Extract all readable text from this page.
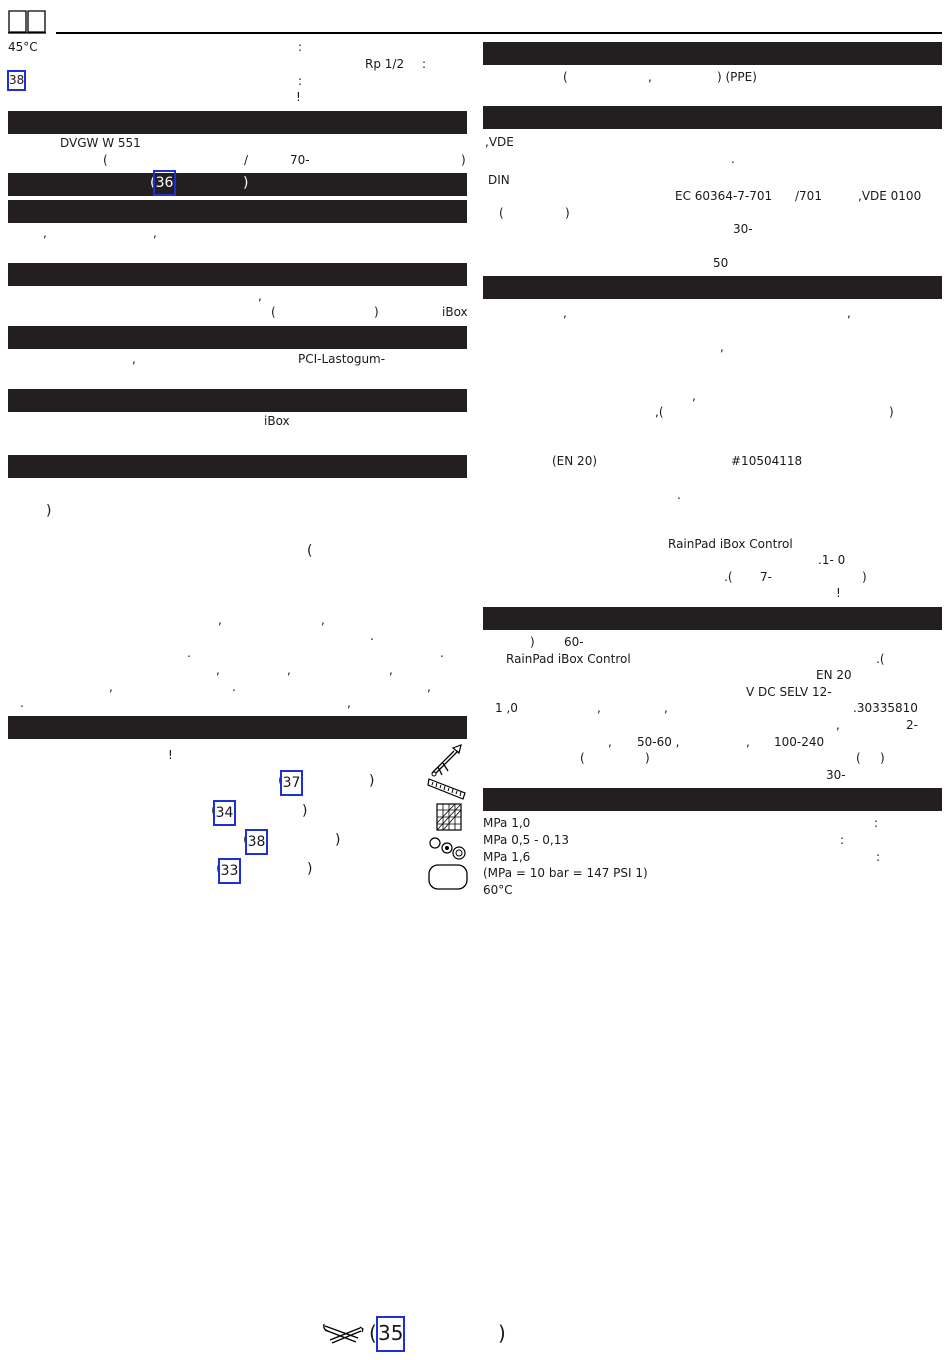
45°C	:
Rp 1/2 :
38	:
!
DVGW W 551
(	/	70-	)
( 36	)
,	,
,
(	)	iBox
,	PCI-Lastogum-
iBox
)
(
,	,
.
.	.
,	,	,
,	.	,
.	,
!
( 37	)
( 34	)
( 38	)
( 33	)
(	,	) (PPE)
,VDE
.
DIN
EC 60364-7-701 /701	,VDE 0100
(	)
30-
50
,	,
,
,
,(	)
(EN 20)	#10504118
.
RainPad iBox Control
.1- 0
.( 7-	)
!
) 60-
RainPad iBox Control	.(
EN 20
V DC SELV 12-
1 ,0	,	,	.30335810
,	2-
, 50-60 ,	, 100-240
(	)	( )
30-
MPa 1,0	:
MPa 0,5 - 0,13	:
MPa 1,6	:
(MPa = 10 bar = 147 PSI 1)
60°C
( 35	)
